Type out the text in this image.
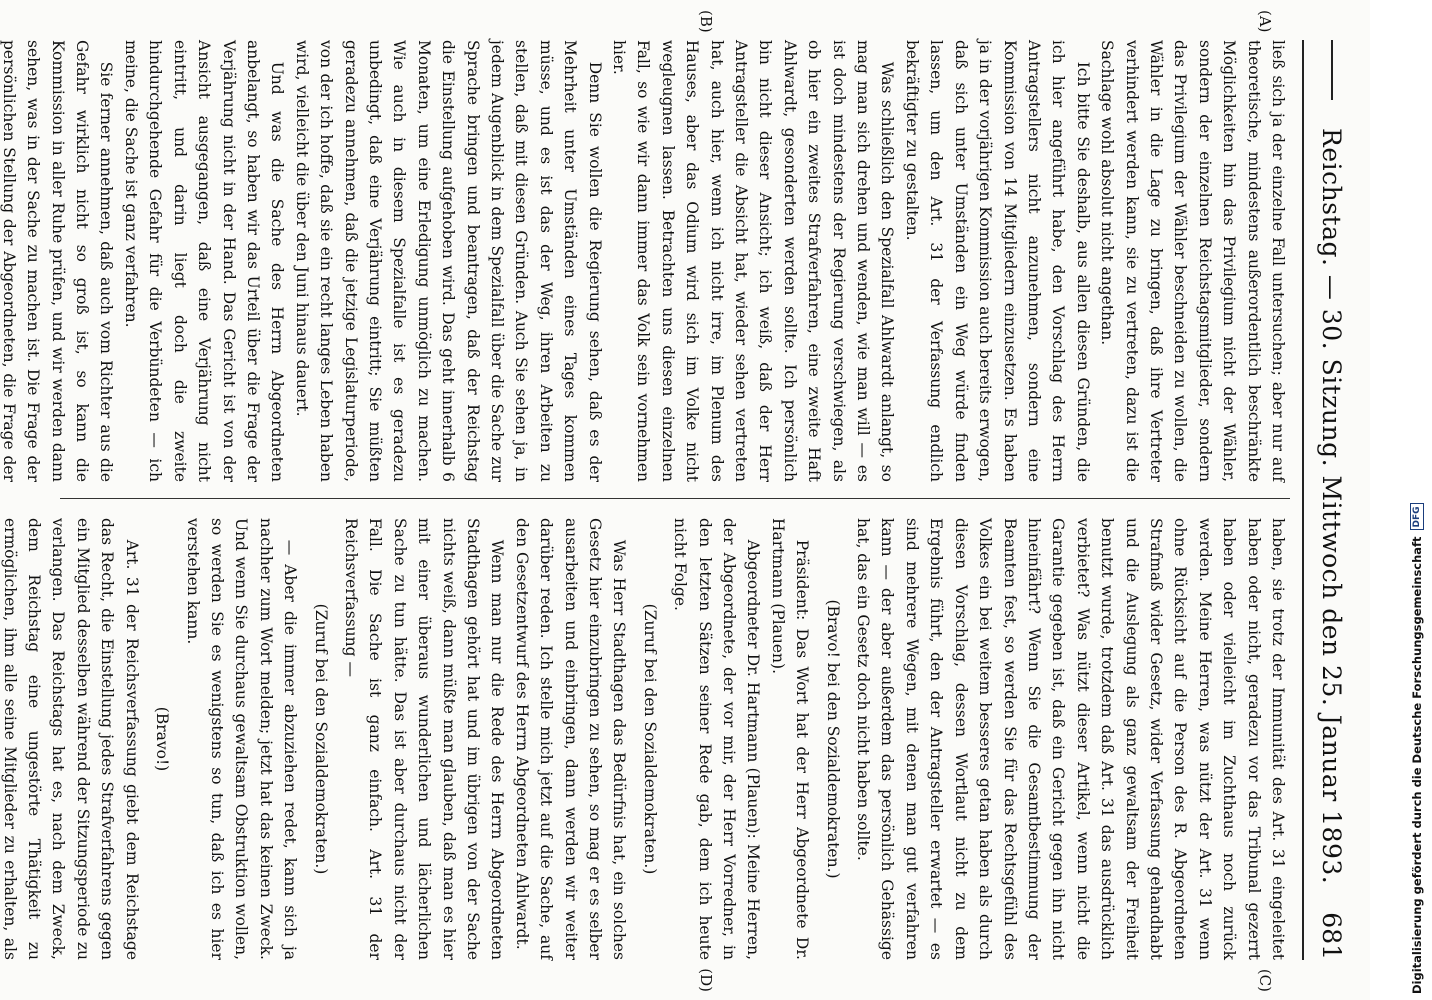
Reichstag. — 30. Sitzung. Mittwoch den 25. Januar 1893.
681
(A)
(B)
(C)
(D)

ließ sich ja der einzelne Fall untersuchen; aber nur auf theoretische, mindestens außerordentlich beschränkte Möglichkeiten hin das Privilegium nicht der Wähler, sondern der einzelnen Reichstagsmitglieder, sondern das Privilegium der Wähler beschneiden zu wollen, die Wähler in die Lage zu bringen, daß ihre Vertreter verhindert werden kann, sie zu vertreten, dazu ist die Sachlage wohl absolut nicht angethan.

Ich bitte Sie deshalb, aus allen diesen Gründen, die ich hier angeführt habe, den Vorschlag des Herrn Antragstellers nicht anzunehmen, sondern eine Kommission von 14 Mitgliedern einzusetzen. Es haben ja in der vorjährigen Kommission auch bereits erwogen, daß sich unter Umständen ein Weg würde finden lassen, um den Art. 31 der Verfassung endlich bekräftigter zu gestalten.

Was schließlich den Spezialfall Ahlwardt anlangt, so mag man sich drehen und wenden, wie man will — es ist doch mindestens der Regierung verschwiegen, als ob hier ein zweites Strafverfahren, eine zweite Haft Ahlwardt, gesonderten werden sollte. Ich persönlich bin nicht dieser Ansicht; ich weiß, daß der Herr Antragsteller die Absicht hat, wieder sehen vertreten hat, auch hier, wenn ich nicht irre, im Plenum des Hauses, aber das Odium wird sich im Volke nicht wegleugnen lassen. Betrachten uns diesen einzelnen Fall, so wie wir dann immer das Volk sein vornehmen hier.

Denn Sie wollen die Regierung sehen, daß es der Mehrheit unter Umständen eines Tages kommen müsse, und es ist das der Weg, ihren Arbeiten zu stellen, daß mit diesen Gründen. Auch Sie sehen ja, in jedem Augenblick in dem Spezialfall über die Sache zur Sprache bringen und beantragen, daß der Reichstag die Einstellung aufgehoben wird. Das geht innerhalb 6 Monaten, um eine Erledigung unmöglich zu machen. Wie auch in diesem Spezialfalle ist es geradezu unbedingt, daß eine Verjährung eintritt; Sie müßten geradezu annehmen, daß die jetzige Legislaturperiode, von der ich hoffe, daß sie ein recht langes Leben haben wird, vielleicht die über den Juni hinaus dauert.

Und was die Sache des Herrn Abgeordneten anbelangt, so haben wir das Urteil über die Frage der Verjährung nicht in der Hand. Das Gericht ist von der Ansicht ausgegangen, daß eine Verjährung nicht eintritt, und darin liegt doch die zweite hindurchgehende Gefahr für die Verbündeten — ich meine, die Sache ist ganz verfahren.

Sie ferner annehmen, daß auch vom Richter aus die Gefahr wirklich nicht so groß ist, so kann die Kommission in aller Ruhe prüfen, und wir werden dann sehen, was in der Sache zu machen ist. Die Frage der persönlichen Stellung der Abgeordneten, die Frage der

haben, sie trotz der Immunität des Art. 31 eingeleitet haben oder nicht, geradezu vor das Tribunal gezerrt haben oder vielleicht im Zuchthaus noch zurück werden. Meine Herren, was nützt der Art. 31 wenn ohne Rücksicht auf die Person des R. Abgeordneten Strafmaß wider Gesetz, wider Verfassung gehandhabt und die Auslegung als ganz gewaltsam der Freiheit benutzt wurde, trotzdem daß Art. 31 das ausdrücklich verbietet? Was nützt dieser Artikel, wenn nicht die Garantie gegeben ist, daß ein Gericht gegen ihn nicht hineinfährt? Wenn Sie die Gesamtbestimmung der Beamten fest, so werden Sie für das Rechtsgefühl des Volkes ein bei weitem besseres getan haben als durch diesen Vorschlag, dessen Wortlaut nicht zu dem Ergebnis führt, den der Antragsteller erwartet — es sind mehrere Wegen, mit denen man gut verfahren kann — der aber außerdem das persönlich Gehässige hat, das ein Gesetz doch nicht haben sollte.

(Bravo! bei den Sozialdemokraten.)

Präsident: Das Wort hat der Herr Abgeordnete Dr. Hartmann (Plauen).

Abgeordneter Dr. Hartmann (Plauen): Meine Herren, der Abgeordnete, der vor mir, der Herr Vorredner, in den letzten Sätzen seiner Rede gab, dem ich heute nicht Folge.

(Zuruf bei den Sozialdemokraten.)

Was Herr Stadthagen das Bedürfnis hat, ein solches Gesetz hier einzubringen zu sehen, so mag er es selber ausarbeiten und einbringen, dann werden wir weiter darüber reden. Ich stelle mich jetzt auf die Sache, auf den Gesetzentwurf des Herrn Abgeordneten Ahlwardt.

Wenn man nur die Rede des Herrn Abgeordneten Stadthagen gehört hat und im übrigen von der Sache nichts weiß, dann müßte man glauben, daß man es hier mit einer überaus wunderlichen und lächerlichen Sache zu tun hätte. Das ist aber durchaus nicht der Fall. Die Sache ist ganz einfach. Art. 31 der Reichsverfassung —

(Zuruf bei den Sozialdemokraten.)

— Aber die immer abzuziehen redet, kann sich ja nachher zum Wort melden; jetzt hat das keinen Zweck. Und wenn Sie durchaus gewaltsam Obstruktion wollen, so werden Sie es wenigstens so tun, daß ich es hier verstehen kann.

(Bravo!)

Art. 31 der Reichsverfassung giebt dem Reichstage das Recht, die Einstellung jedes Strafverfahrens gegen ein Mitglied desselben während der Sitzungsperiode zu verlangen. Das Reichstags hat es, nach dem Zweck, dem Reichstag eine ungestörte Thätigkeit zu ermöglichen, ihm alle seine Mitglieder zu erhalten, als	Digitalisierung gefördert durch die Deutsche Forschungsgemeinschaft
DFG
